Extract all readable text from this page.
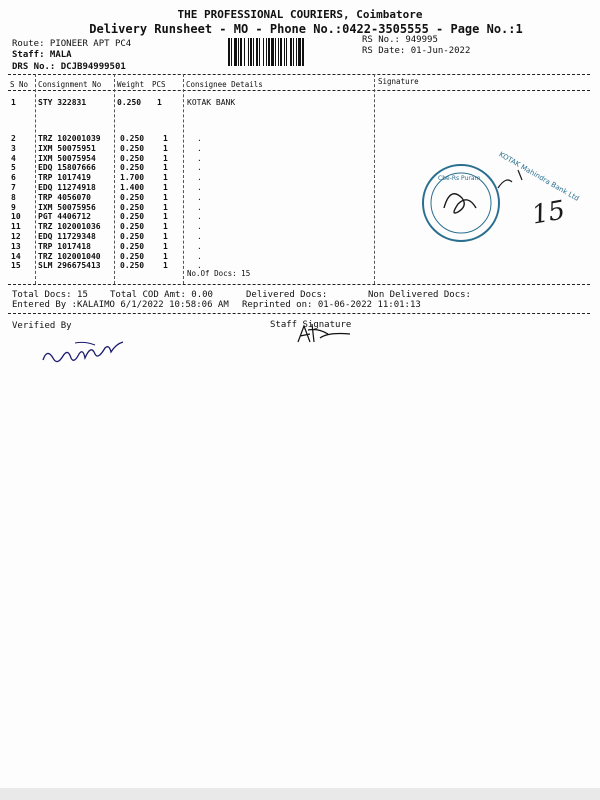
THE PROFESSIONAL COURIERS, Coimbatore
Delivery Runsheet - MO - Phone No.:0422-3505555 - Page No.:1
Route: PIONEER APT PC4
Staff: MALA
DRS No.: DCJB94999501
RS No.: 949995
RS Date: 01-Jun-2022
S No Consignment No Weight PCS	Consignee Details	Signature
1	STY 322831	0.250 1	KOTAK BANK
2	TRZ 102001039	0.250	1	.
3	IXM 50075951	0.250	1	.
4	IXM 50075954	0.250	1	.
5	EDQ 15807666	0.250	1	.
6	TRP 1017419	1.700	1	.
7	EDQ 11274918	1.400	1	.
8	TRP 4056070	0.250	1	.
9	IXM 50075956	0.250	1	.
10	PGT 4406712	0.250	1	.
11	TRZ 102001036	0.250	1	.
12	EDQ 11729348	0.250	1	.
13	TRP 1017418	0.250	1	.
14	TRZ 102001040	0.250	1	.
15	SLM 296675413	0.250	1	.
No.Of Docs: 15
Total Docs: 15 Total COD Amt: 0.00	Delivered Docs:	Non Delivered Docs:
Entered By :KALAIMO 6/1/2022 10:58:06 AM Reprinted on: 01-06-2022 11:01:13
Verified By	Staff Signature
KOTAK Mahindra Bank Ltd
Cbe-Rs Puram
15
